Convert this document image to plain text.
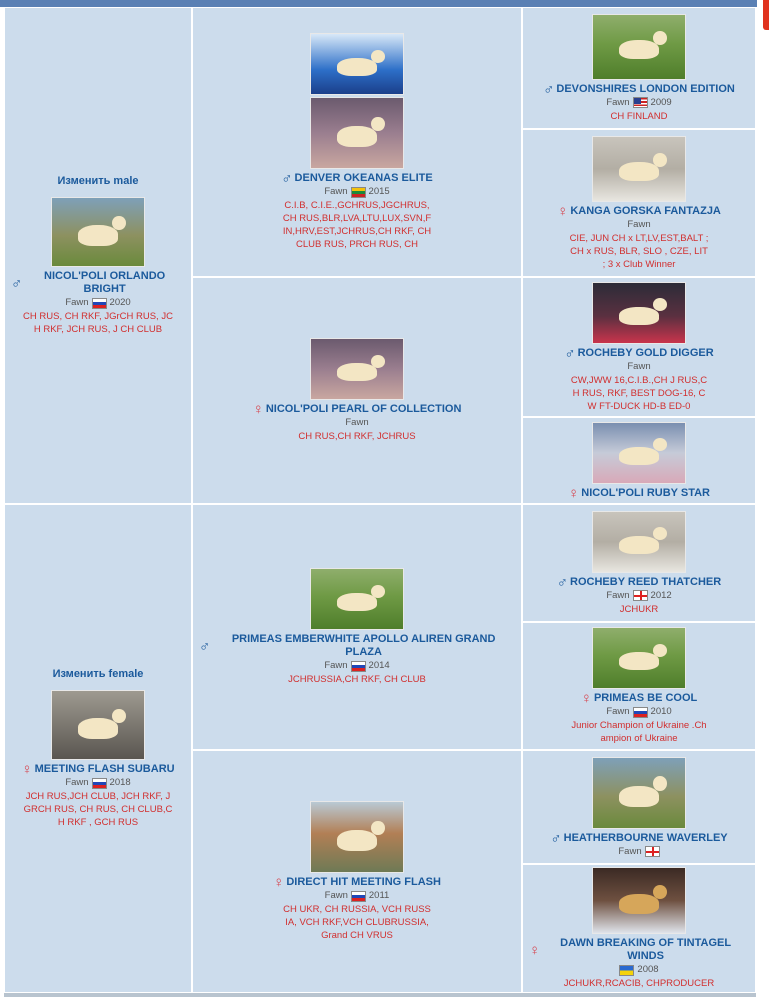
Изменить male
♂	NICOL'POLI ORLANDO BRIGHT
Fawn 2020
CH RUS, CH RKF, JGrCH RUS, JCH RKF, JCH RUS, J CH CLUB
Изменить female
♀ MEETING FLASH SUBARU
Fawn 2018
JCH RUS,JCH CLUB, JCH RKF, JGRCH RUS, CH RUS, CH CLUB,CH RKF , GCH RUS
♂ DENVER OKEANAS ELITE
Fawn 2015
C.I.B, C.I.E.,GCHRUS,JGCHRUS,CH RUS,BLR,LVA,LTU,LUX,SVN,FIN,HRV,EST,JCHRUS,CH RKF, CH CLUB RUS, PRCH RUS, CH
♀ NICOL'POLI PEARL OF COLLECTION
Fawn
CH RUS,CH RKF, JCHRUS
♂	PRIMEAS EMBERWHITE APOLLO ALIREN GRAND PLAZA
Fawn 2014
JCHRUSSIA,CH RKF, CH CLUB
♀ DIRECT HIT MEETING FLASH
Fawn 2011
CH UKR, CH RUSSIA, VCH RUSSIA, VCH RKF,VCH CLUBRUSSIA,Grand CH VRUS
♂ DEVONSHIRES LONDON EDITION
Fawn 2009
CH FINLAND
♀ KANGA GORSKA FANTAZJA
Fawn
CIE, JUN CH x LT,LV,EST,BALT ; CH x RUS, BLR, SLO , CZE, LIT ; 3 x Club Winner
♂ ROCHEBY GOLD DIGGER
Fawn
CW,JWW 16,C.I.B.,CH J RUS,CH RUS, RKF, BEST DOG-16, CW FT-DUCK HD-B ED-0
♀ NICOL'POLI RUBY STAR
♂ ROCHEBY REED THATCHER
Fawn 2012
JCHUKR
♀ PRIMEAS BE COOL
Fawn 2010
Junior Champion of Ukraine .Champion of Ukraine
♂ HEATHERBOURNE WAVERLEY
Fawn
♀	DAWN BREAKING OF TINTAGEL WINDS
2008
JCHUKR,RCACIB, CHPRODUCER
